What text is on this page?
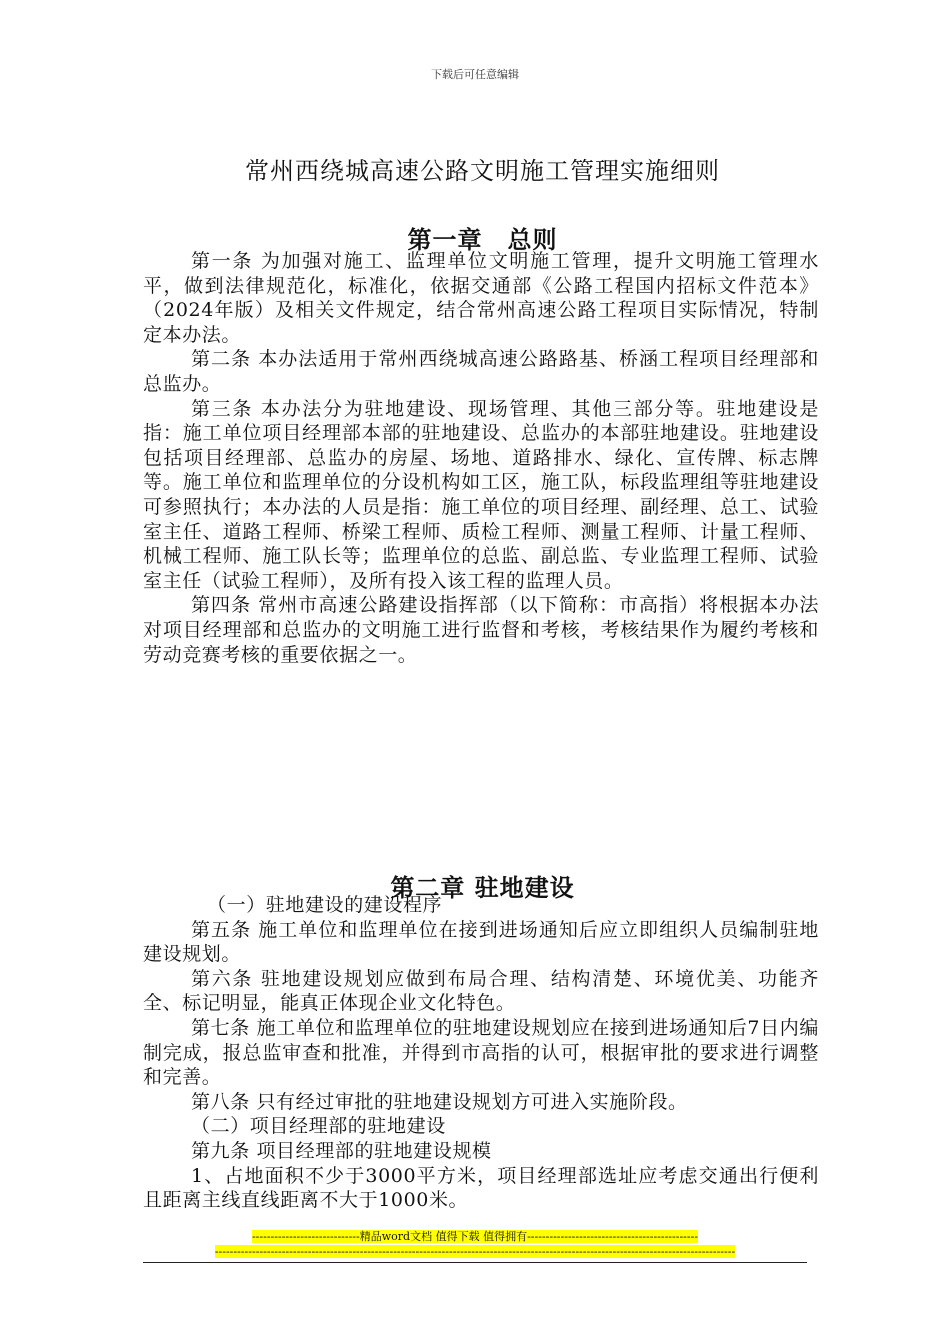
下载后可任意编辑
常州西绕城高速公路文明施工管理实施细则
第一章　总则

第一条 为加强对施工、监理单位文明施工管理，提升文明施工管理水平，做到法律规范化，标准化，依据交通部《公路工程国内招标文件范本》（2024年版）及相关文件规定，结合常州高速公路工程项目实际情况，特制定本办法。

第二条 本办法适用于常州西绕城高速公路路基、桥涵工程项目经理部和总监办。

第三条 本办法分为驻地建设、现场管理、其他三部分等。驻地建设是指：施工单位项目经理部本部的驻地建设、总监办的本部驻地建设。驻地建设包括项目经理部、总监办的房屋、场地、道路排水、绿化、宣传牌、标志牌等。施工单位和监理单位的分设机构如工区，施工队，标段监理组等驻地建设可参照执行；本办法的人员是指：施工单位的项目经理、副经理、总工、试验室主任、道路工程师、桥梁工程师、质检工程师、测量工程师、计量工程师、机械工程师、施工队长等；监理单位的总监、副总监、专业监理工程师、试验室主任（试验工程师），及所有投入该工程的监理人员。

第四条 常州市高速公路建设指挥部（以下简称：市高指）将根据本办法对项目经理部和总监办的文明施工进行监督和考核，考核结果作为履约考核和劳动竞赛考核的重要依据之一。

第二章 驻地建设

（一）驻地建设的建设程序

第五条 施工单位和监理单位在接到进场通知后应立即组织人员编制驻地建设规划。

第六条 驻地建设规划应做到布局合理、结构清楚、环境优美、功能齐全、标记明显，能真正体现企业文化特色。

第七条 施工单位和监理单位的驻地建设规划应在接到进场通知后7日内编制完成，报总监审查和批准，并得到市高指的认可，根据审批的要求进行调整和完善。

第八条 只有经过审批的驻地建设规划方可进入实施阶段。

（二）项目经理部的驻地建设

第九条 项目经理部的驻地建设规模

1、占地面积不少于3000平方米，项目经理部选址应考虑交通出行便利且距离主线直线距离不大于1000米。

-----------------------------精品word文档 值得下载 值得拥有----------------------------------------------
--------------------------------------------------------------------------------------------------------------------------------------------
